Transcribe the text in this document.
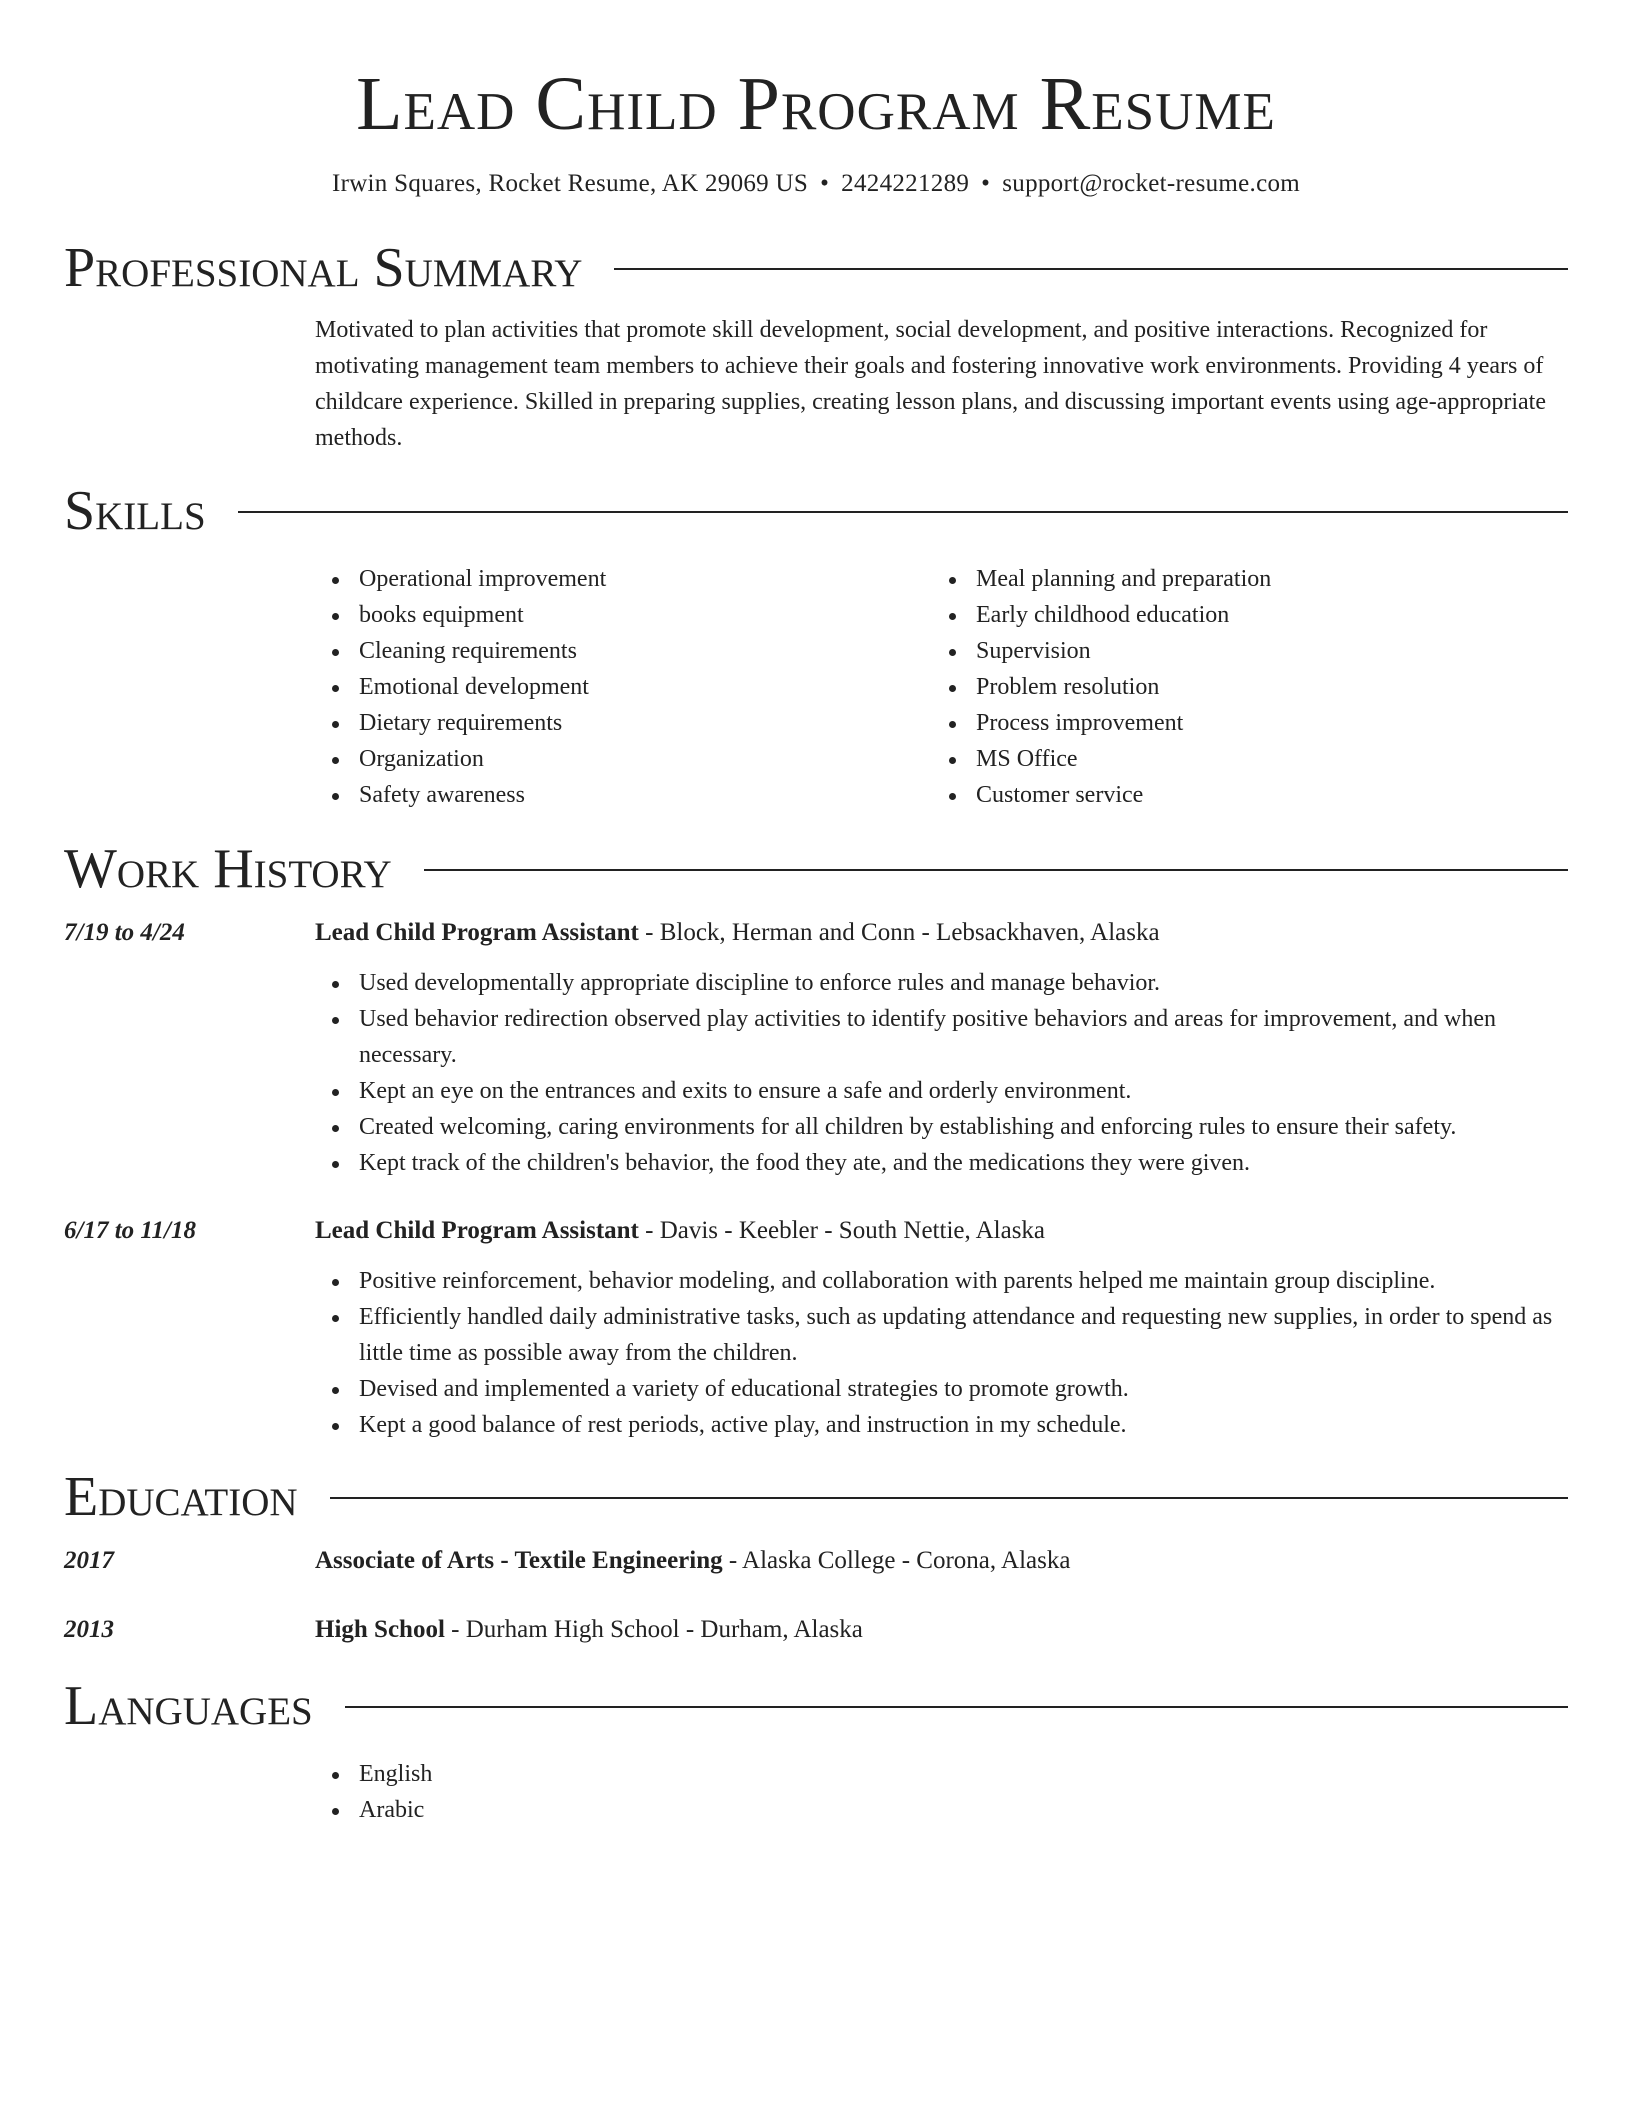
Lead Child Program Resume
Irwin Squares, Rocket Resume, AK 29069 US • 2424221289 • support@rocket-resume.com
Professional Summary

Motivated to plan activities that promote skill development, social development, and positive interactions. Recognized for motivating management team members to achieve their goals and fostering innovative work environments. Providing 4 years of childcare experience. Skilled in preparing supplies, creating lesson plans, and discussing important events using age-appropriate methods.

Skills
Operational improvement
books equipment
Cleaning requirements
Emotional development
Dietary requirements
Organization
Safety awareness
Meal planning and preparation
Early childhood education
Supervision
Problem resolution
Process improvement
MS Office
Customer service
Work History
7/19 to 4/24	Lead Child Program Assistant - Block, Herman and Conn - Lebsackhaven, Alaska
Used developmentally appropriate discipline to enforce rules and manage behavior.
Used behavior redirection observed play activities to identify positive behaviors and areas for improvement, and when necessary.
Kept an eye on the entrances and exits to ensure a safe and orderly environment.
Created welcoming, caring environments for all children by establishing and enforcing rules to ensure their safety.
Kept track of the children's behavior, the food they ate, and the medications they were given.
6/17 to 11/18	Lead Child Program Assistant - Davis - Keebler - South Nettie, Alaska
Positive reinforcement, behavior modeling, and collaboration with parents helped me maintain group discipline.
Efficiently handled daily administrative tasks, such as updating attendance and requesting new supplies, in order to spend as little time as possible away from the children.
Devised and implemented a variety of educational strategies to promote growth.
Kept a good balance of rest periods, active play, and instruction in my schedule.
Education
2017	Associate of Arts - Textile Engineering - Alaska College - Corona, Alaska
2013	High School - Durham High School - Durham, Alaska
Languages
English
Arabic
